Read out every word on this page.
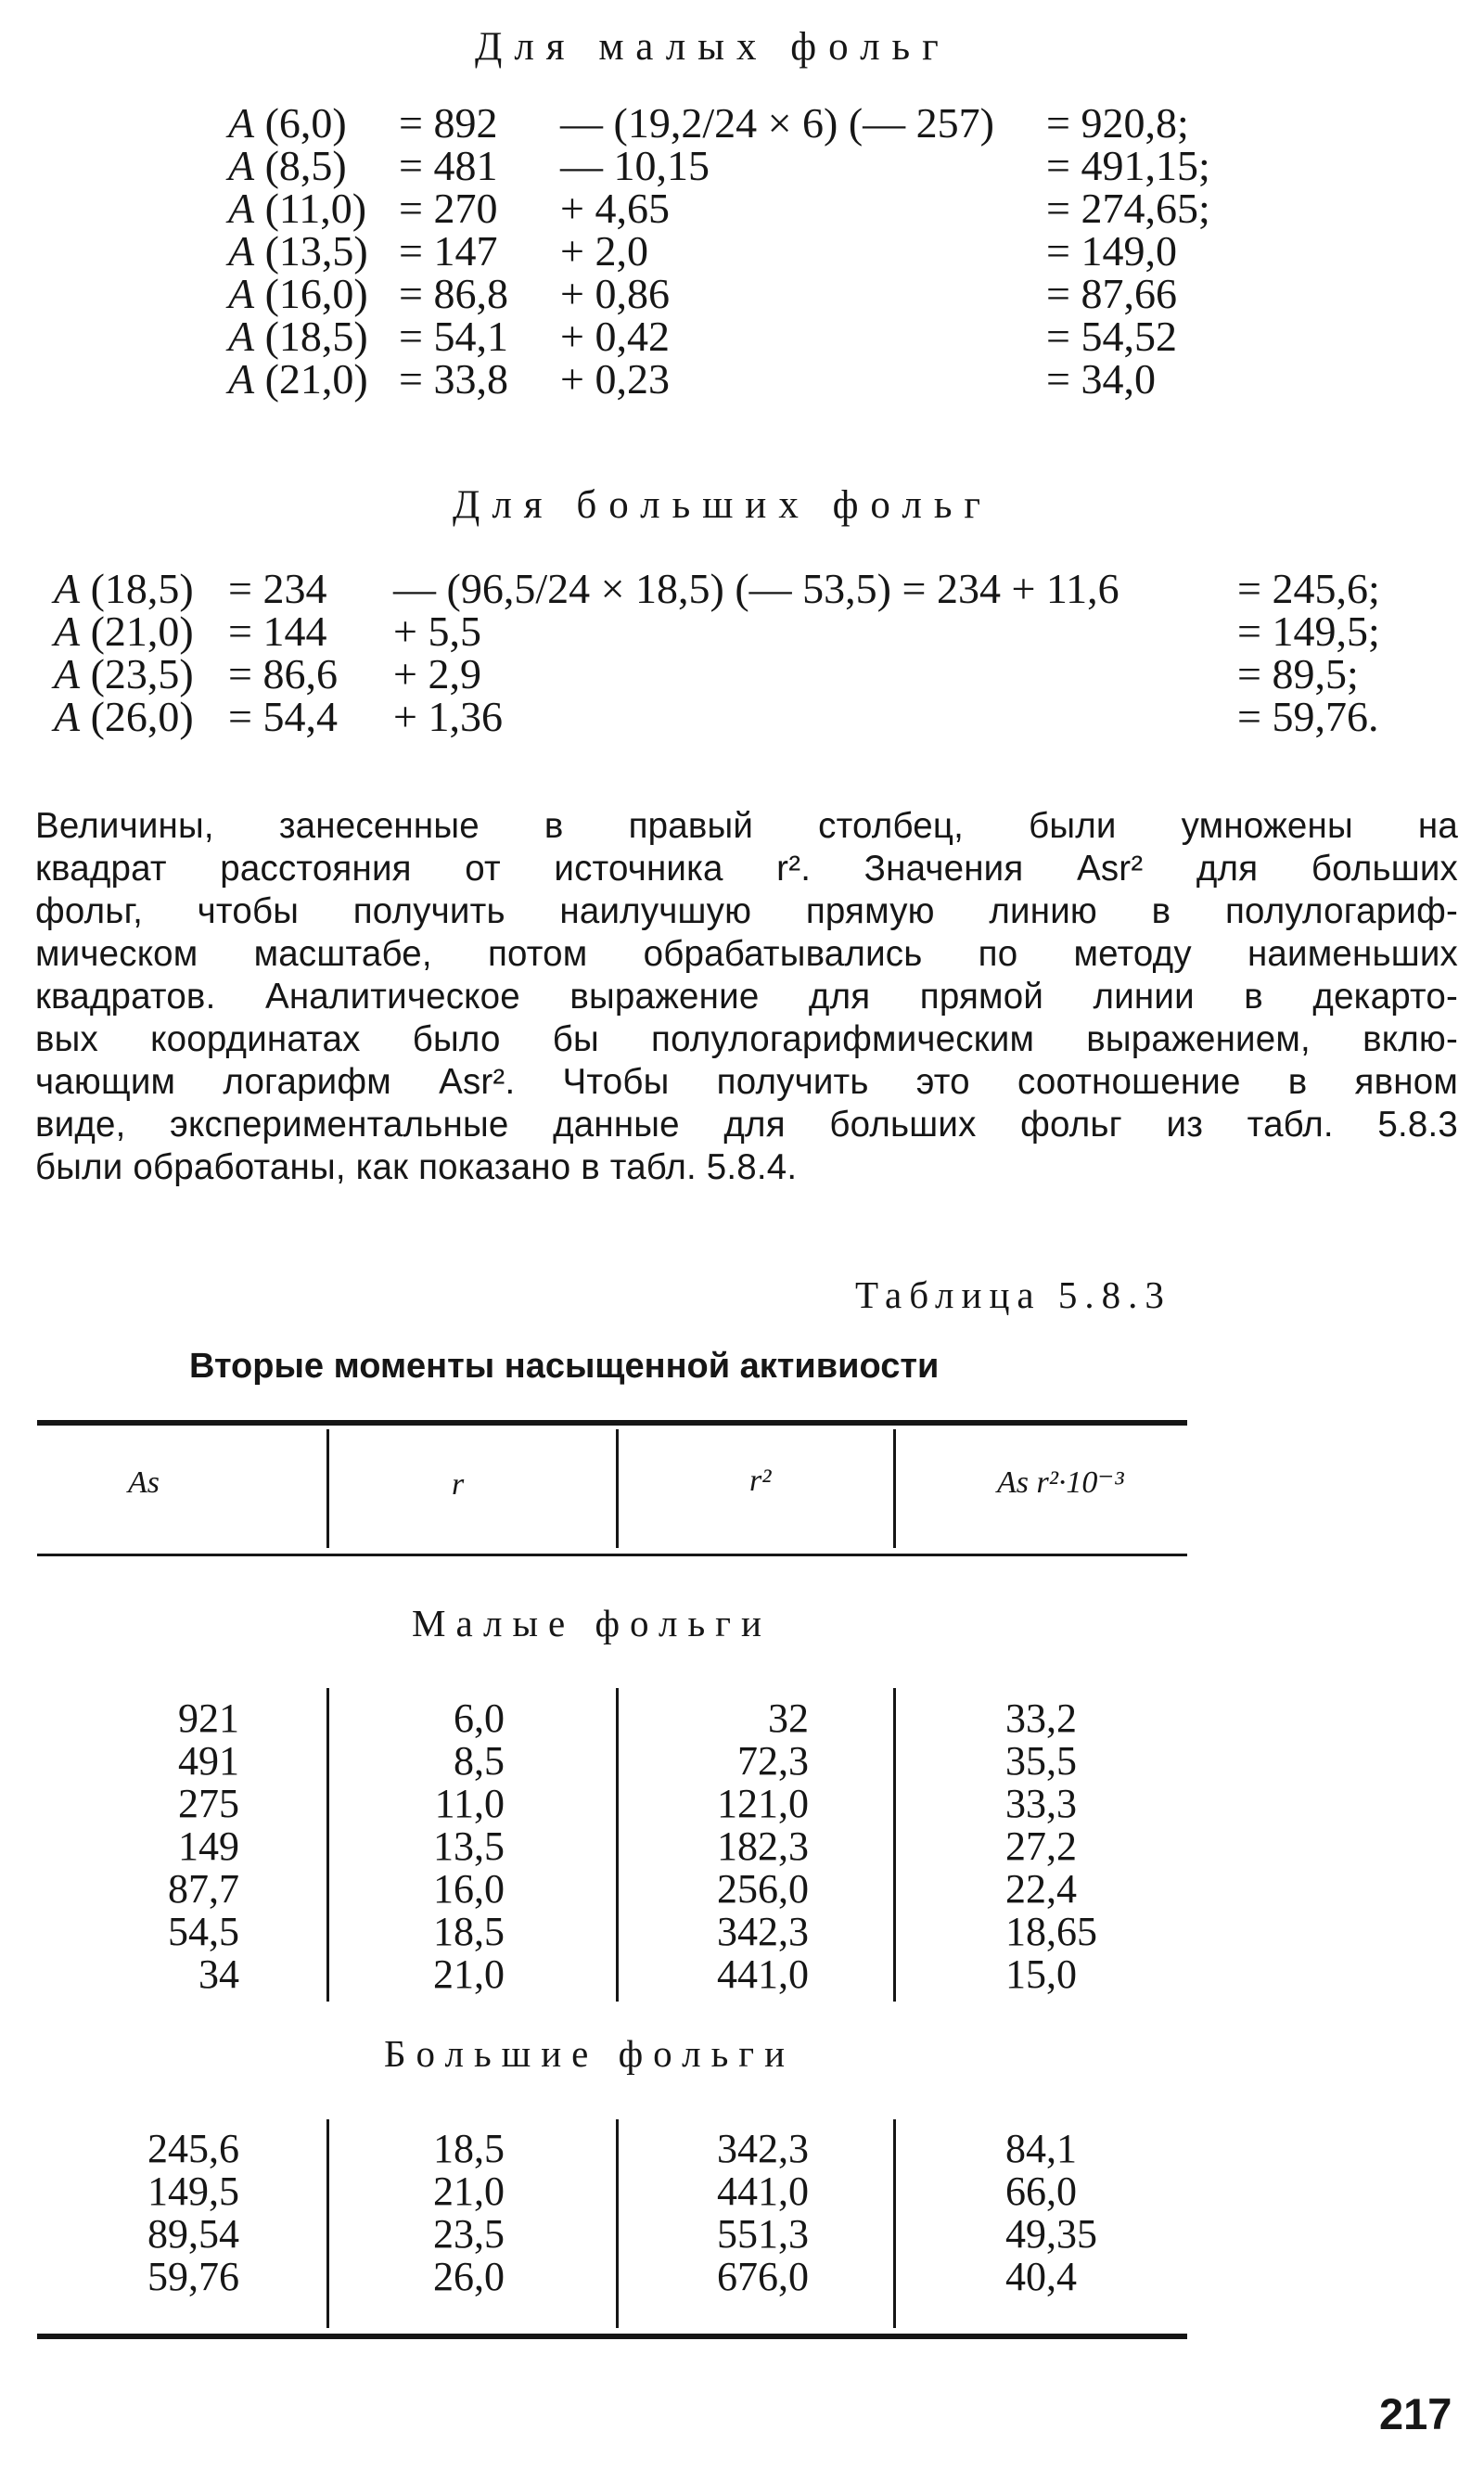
Для малых фольг
A (6,0) = 892 — (19,2/24 × 6) (— 257) = 920,8;
A (8,5) = 481 — 10,15	= 491,15;
A (11,0) = 270 + 4,65	= 274,65;
A (13,5) = 147 + 2,0	= 149,0
A (16,0) = 86,8 + 0,86	= 87,66
A (18,5) = 54,1 + 0,42	= 54,52
A (21,0) = 33,8 + 0,23	= 34,0
Для больших фольг
A (18,5) = 234 — (96,5/24 × 18,5) (— 53,5) = 234 + 11,6	= 245,6;
A (21,0) = 144 + 5,5	= 149,5;
A (23,5) = 86,6 + 2,9	= 89,5;
A (26,0) = 54,4 + 1,36	= 59,76.
Величины, занесенные в правый столбец, были умножены на
квадрат расстояния от источника r². Значения Asr² для больших
фольг, чтобы получить наилучшую прямую линию в полулогариф-
мическом масштабе, потом обрабатывались по методу наименьших
квадратов. Аналитическое выражение для прямой линии в декарто-
вых координатах было бы полулогарифмическим выражением, вклю-
чающим логарифм Asr². Чтобы получить это соотношение в явном
виде, экспериментальные данные для больших фольг из табл. 5.8.3
были обработаны, как показано в табл. 5.8.4.
Таблица 5.8.3
Вторые моменты насыщенной активиости
As	r	r²	As r²·10⁻³
Малые фольги
Большие фольги
921	6,0	32	33,2
491	8,5	72,3	35,5
275	11,0	121,0	33,3
149	13,5	182,3	27,2
87,7	16,0	256,0	22,4
54,5	18,5	342,3	18,65
34	21,0	441,0	15,0
245,6	18,5	342,3	84,1
149,5	21,0	441,0	66,0
89,54	23,5	551,3	49,35
59,76	26,0	676,0	40,4
217
